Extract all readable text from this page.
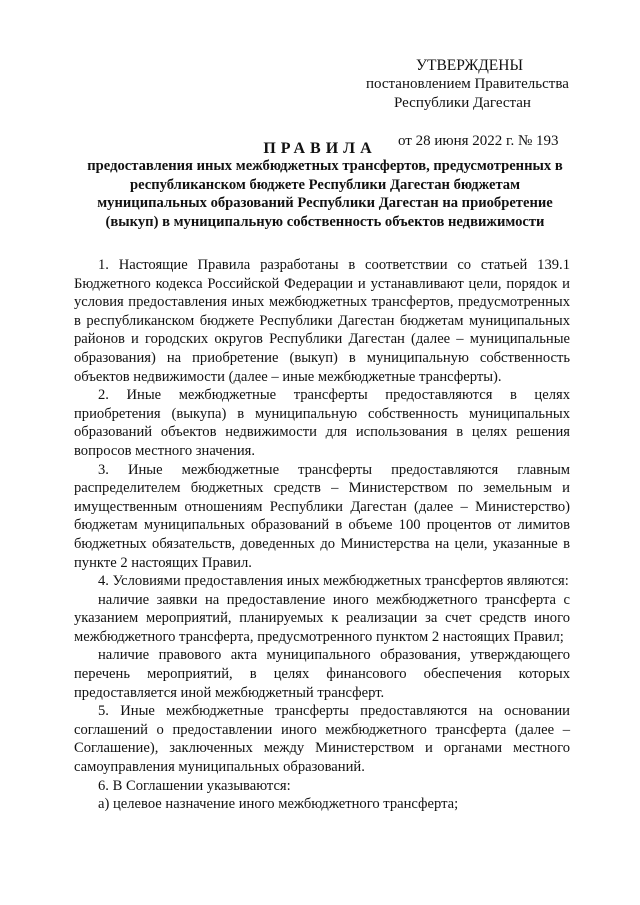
УТВЕРЖДЕНЫ
постановлением Правительства
Республики Дагестан
от 28 июня 2022 г. № 193
ПРАВИЛА
предоставления иных межбюджетных трансфертов, предусмотренных в
республиканском бюджете Республики Дагестан бюджетам
муниципальных образований Республики Дагестан на приобретение
(выкуп) в муниципальную собственность объектов недвижимости

1. Настоящие Правила разработаны в соответствии со статьей 139.1 Бюджетного кодекса Российской Федерации и устанавливают цели, порядок и условия предоставления иных межбюджетных трансфертов, предусмотренных в республиканском бюджете Республики Дагестан бюджетам муниципальных районов и городских округов Республики Дагестан (далее – муниципальные образования) на приобретение (выкуп) в муниципальную собственность объектов недвижимости (далее – иные межбюджетные трансферты).

2. Иные межбюджетные трансферты предоставляются в целях приобретения (выкупа) в муниципальную собственность муниципальных образований объектов недвижимости для использования в целях решения вопросов местного значения.

3. Иные межбюджетные трансферты предоставляются главным распределителем бюджетных средств – Министерством по земельным и имущественным отношениям Республики Дагестан (далее – Министерство) бюджетам муниципальных образований в объеме 100 процентов от лимитов бюджетных обязательств, доведенных до Министерства на цели, указанные в пункте 2 настоящих Правил.

4. Условиями предоставления иных межбюджетных трансфертов являются:

наличие заявки на предоставление иного межбюджетного трансферта с указанием мероприятий, планируемых к реализации за счет средств иного межбюджетного трансферта, предусмотренного пунктом 2 настоящих Правил;

наличие правового акта муниципального образования, утверждающего перечень мероприятий, в целях финансового обеспечения которых предоставляется иной межбюджетный трансферт.

5. Иные межбюджетные трансферты предоставляются на основании соглашений о предоставлении иного межбюджетного трансферта (далее – Соглашение), заключенных между Министерством и органами местного самоуправления муниципальных образований.

6. В Соглашении указываются:

а) целевое назначение иного межбюджетного трансферта;
